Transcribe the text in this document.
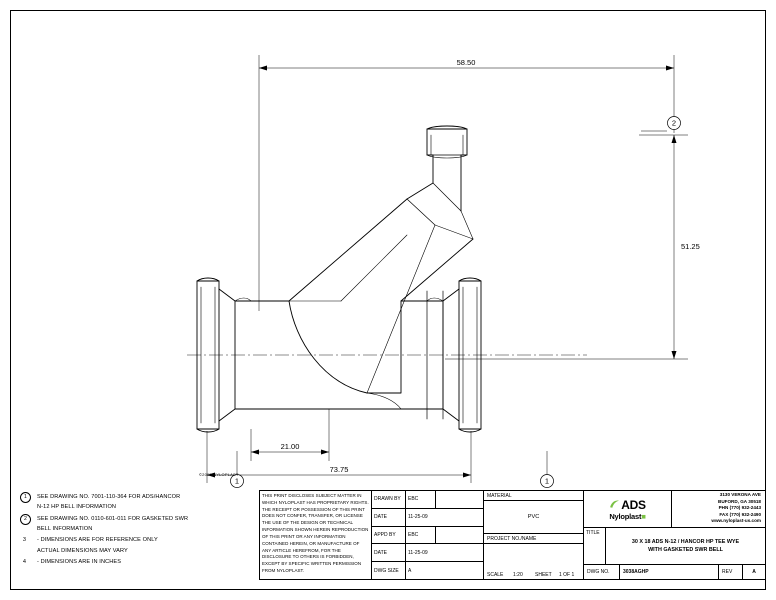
58.50
51.25
21.00
73.75
1	1
2
1	SEE DRAWING NO. 7001-110-364 FOR ADS/HANCOR
N-12 HP BELL INFORMATION
2	SEE DRAWING NO. 0110-601-011 FOR GASKETED SWR
BELL INFORMATION
3	- DIMENSIONS ARE FOR REFERENCE ONLY
ACTUAL DIMENSIONS MAY VARY
4	- DIMENSIONS ARE IN INCHES
THIS PRINT DISCLOSES SUBJECT MATTER IN WHICH NYLOPLAST HAS PROPRIETARY RIGHTS. THE RECEIPT OR POSSESSION OF THIS PRINT DOES NOT CONFER, TRANSFER, OR LICENSE THE USE OF THE DESIGN OR TECHNICAL INFORMATION SHOWN HEREIN REPRODUCTION OF THIS PRINT OR ANY INFORMATION CONTAINED HEREIN, OR MANUFACTURE OF ANY ARTICLE HEREFROM, FOR THE DISCLOSURE TO OTHERS IS FORBIDDEN, EXCEPT BY SPECIFIC WRITTEN PERMISSION FROM NYLOPLAST.
DRAWN BY	EBC
DATE	11-25-09
APPD BY	EBC
DATE	11-25-09
DWG SIZE	A
MATERIAL
PVC
PROJECT NO./NAME
SCALE	1:20	SHEET	1 OF 1
ADS
Nyloplast■
3130 VERONA AVE
BUFORD, GA 30518
PHN (770) 932-2443
FAX (770) 932-2490
www.nyloplast-us.com
TITLE
30 X 18 ADS N-12 / HANCOR HP TEE WYE
WITH GASKETED SWR BELL
DWG NO.	3038AGHP	REV	A
©2003 NYLOPLAST
